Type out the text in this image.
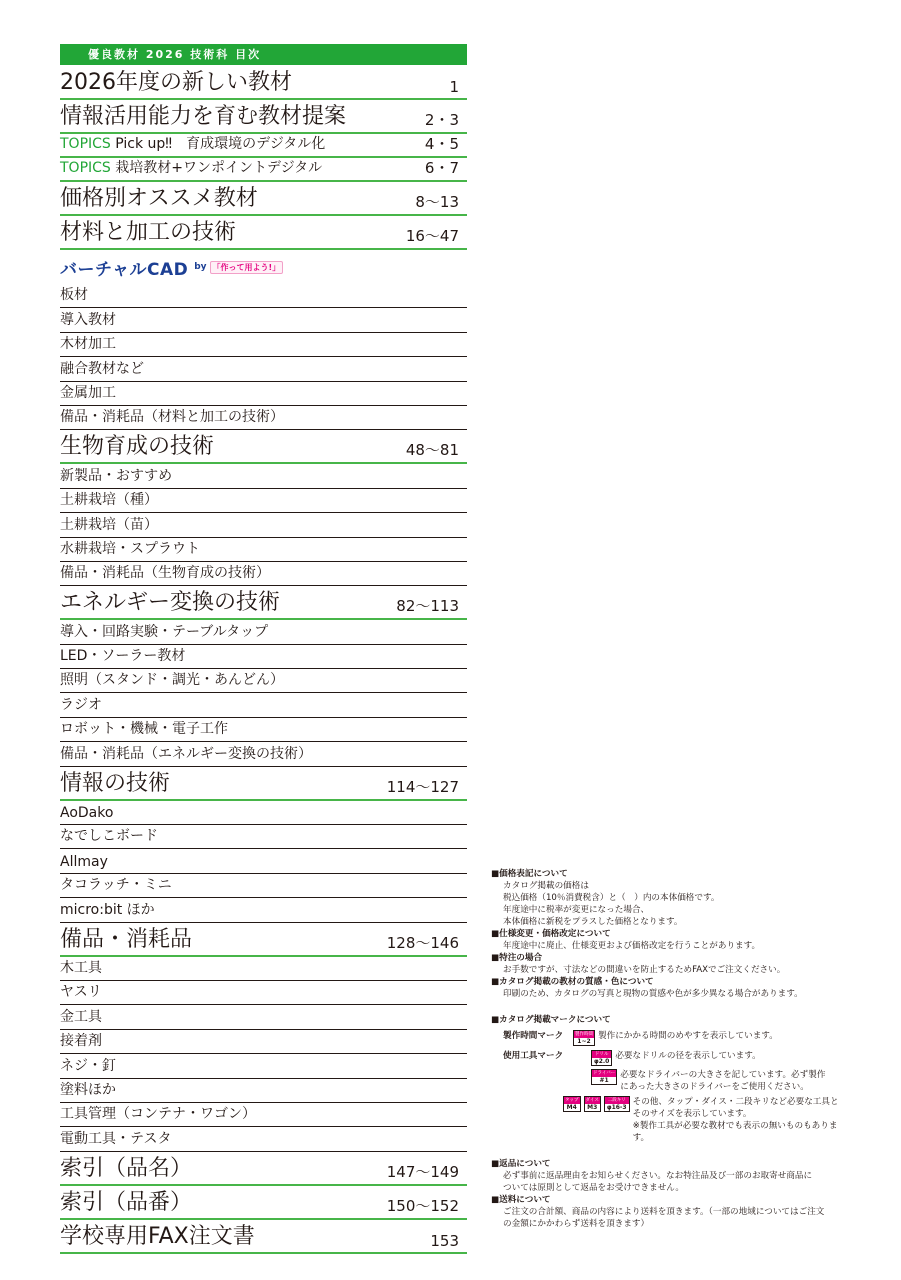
優良教材 2026 技術科 目次
2026年度の新しい教材	1
情報活用能力を育む教材提案	2・3
TOPICS Pick up‼　育成環境のデジタル化	4・5
TOPICS 栽培教材+ワンポイントデジタル	6・7
価格別オススメ教材	8～13
材料と加工の技術	16～47
バーチャルCAD by 「作って用よう!」
板材
導入教材
木材加工
融合教材など
金属加工
備品・消耗品（材料と加工の技術）
生物育成の技術	48～81
新製品・おすすめ
土耕栽培（種）
土耕栽培（苗）
水耕栽培・スプラウト
備品・消耗品（生物育成の技術）
エネルギー変換の技術	82～113
導入・回路実験・テーブルタップ
LED・ソーラー教材
照明（スタンド・調光・あんどん）
ラジオ
ロボット・機械・電子工作
備品・消耗品（エネルギー変換の技術）
情報の技術	114～127
AoDako
なでしこボード
Allmay
タコラッチ・ミニ
micro:bit ほか
備品・消耗品	128～146
木工具
ヤスリ
金工具
接着剤
ネジ・釘
塗料ほか
工具管理（コンテナ・ワゴン）
電動工具・テスタ
索引（品名）	147～149
索引（品番）	150～152
学校専用FAX注文書	153
■価格表記について
カタログ掲載の価格は
税込価格（10％消費税含）と（　）内の本体価格です。
年度途中に税率が変更になった場合、
本体価格に新税をプラスした価格となります。
■仕様変更・価格改定について
年度途中に廃止、仕様変更および価格改定を行うことがあります。
■特注の場合
お手数ですが、寸法などの間違いを防止するためFAXでご注文ください。
■カタログ掲載の教材の質感・色について
印刷のため、カタログの写真と現物の質感や色が多少異なる場合があります。
■カタログ掲載マークについて
製作時間マーク	製作時間
1~2
製作にかかる時間のめやすを表示しています。
使用工具マーク	ドリル
φ2.0
必要なドリルの径を表示しています。
ドライバー
#1
必要なドライバーの大きさを記しています。必ず製作
にあった大きさのドライバーをご使用ください。
タップ
M4
ダイス
M3
二段キリ
φ16-3
その他、タップ・ダイス・二段キリなど必要な工具と
そのサイズを表示しています。
※製作工具が必要な教材でも表示の無いものもあります。
■返品について
必ず事前に返品理由をお知らせください。なお特注品及び一部のお取寄せ商品に
ついては原則として返品をお受けできません。
■送料について
ご注文の合計額、商品の内容により送料を頂きます。（一部の地域についてはご注文
の金額にかかわらず送料を頂きます）
